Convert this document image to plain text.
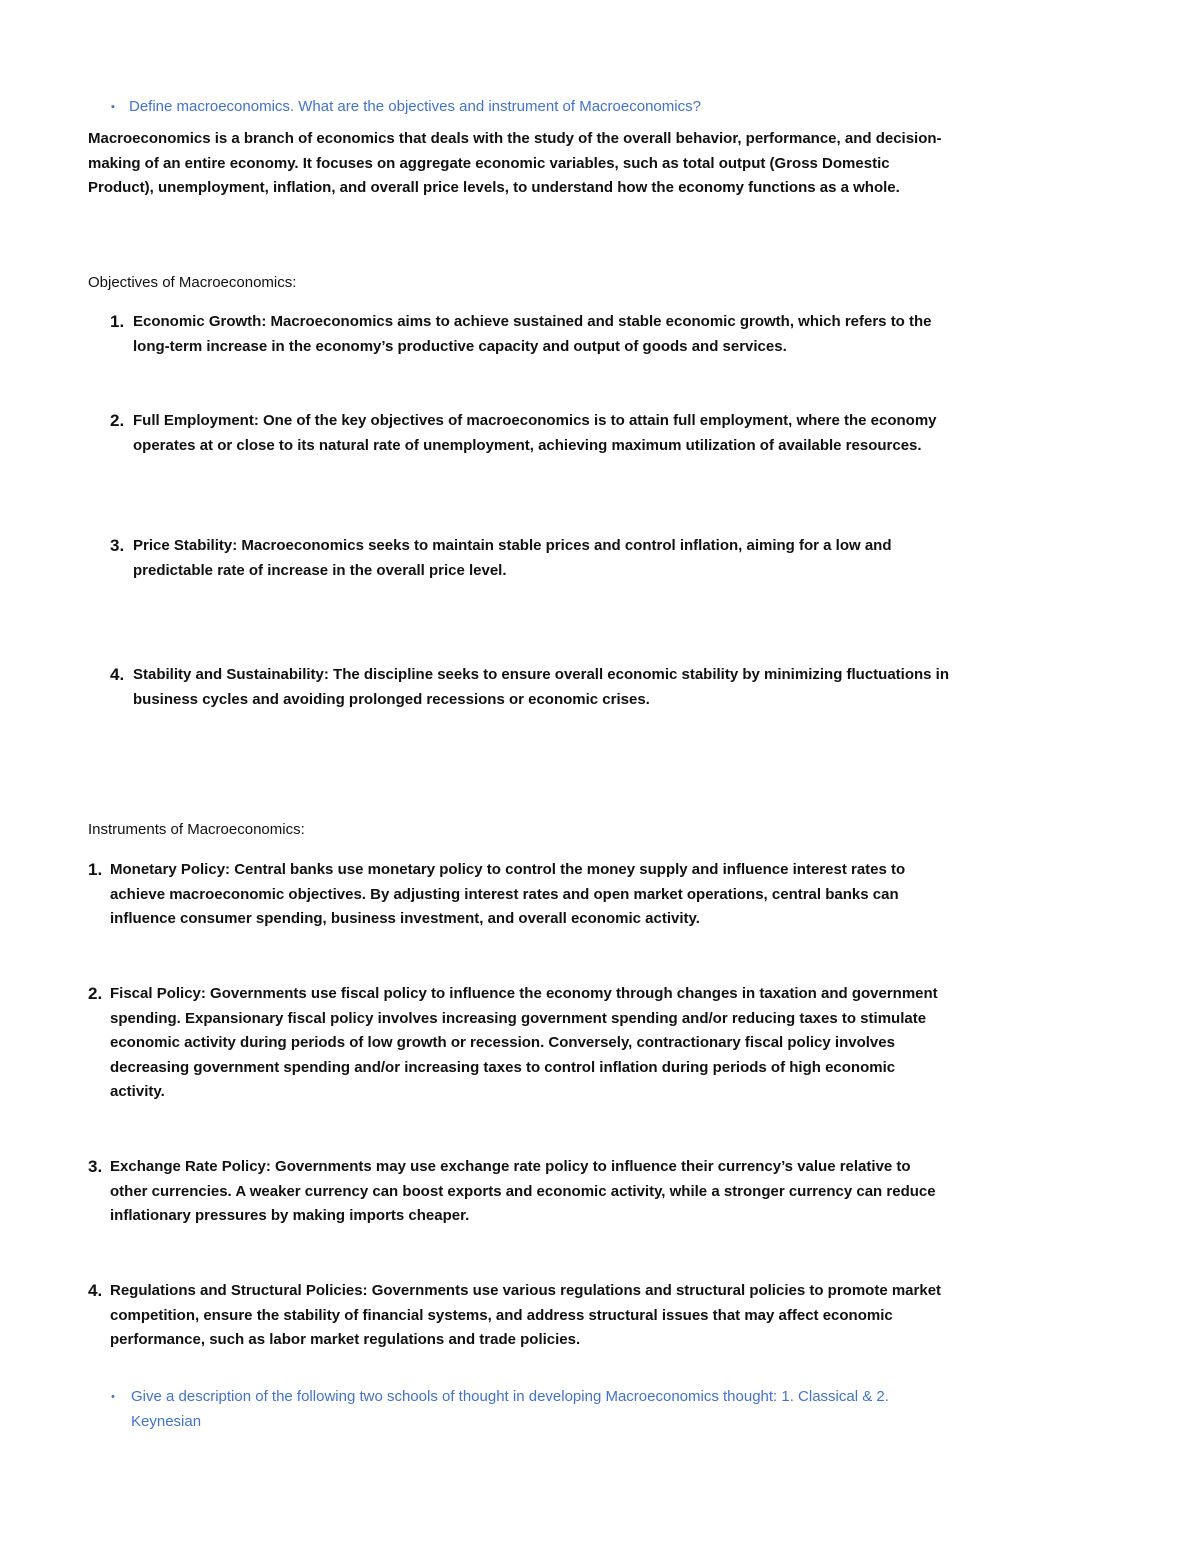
▪ Define macroeconomics. What are the objectives and instrument of Macroeconomics?
Macroeconomics is a branch of economics that deals with the study of the overall behavior, performance, and decision-making of an entire economy. It focuses on aggregate economic variables, such as total output (Gross Domestic Product), unemployment, inflation, and overall price levels, to understand how the economy functions as a whole.
Objectives of Macroeconomics:
1. Economic Growth: Macroeconomics aims to achieve sustained and stable economic growth, which refers to the long-term increase in the economy’s productive capacity and output of goods and services.
2. Full Employment: One of the key objectives of macroeconomics is to attain full employment, where the economy operates at or close to its natural rate of unemployment, achieving maximum utilization of available resources.
3. Price Stability: Macroeconomics seeks to maintain stable prices and control inflation, aiming for a low and predictable rate of increase in the overall price level.
4. Stability and Sustainability: The discipline seeks to ensure overall economic stability by minimizing fluctuations in business cycles and avoiding prolonged recessions or economic crises.
Instruments of Macroeconomics:
1. Monetary Policy: Central banks use monetary policy to control the money supply and influence interest rates to achieve macroeconomic objectives. By adjusting interest rates and open market operations, central banks can influence consumer spending, business investment, and overall economic activity.
2. Fiscal Policy: Governments use fiscal policy to influence the economy through changes in taxation and government spending. Expansionary fiscal policy involves increasing government spending and/or reducing taxes to stimulate economic activity during periods of low growth or recession. Conversely, contractionary fiscal policy involves decreasing government spending and/or increasing taxes to control inflation during periods of high economic activity.
3. Exchange Rate Policy: Governments may use exchange rate policy to influence their currency’s value relative to other currencies. A weaker currency can boost exports and economic activity, while a stronger currency can reduce inflationary pressures by making imports cheaper.
4. Regulations and Structural Policies: Governments use various regulations and structural policies to promote market competition, ensure the stability of financial systems, and address structural issues that may affect economic performance, such as labor market regulations and trade policies.
•	Give a description of the following two schools of thought in developing Macroeconomics thought: 1. Classical & 2. Keynesian
